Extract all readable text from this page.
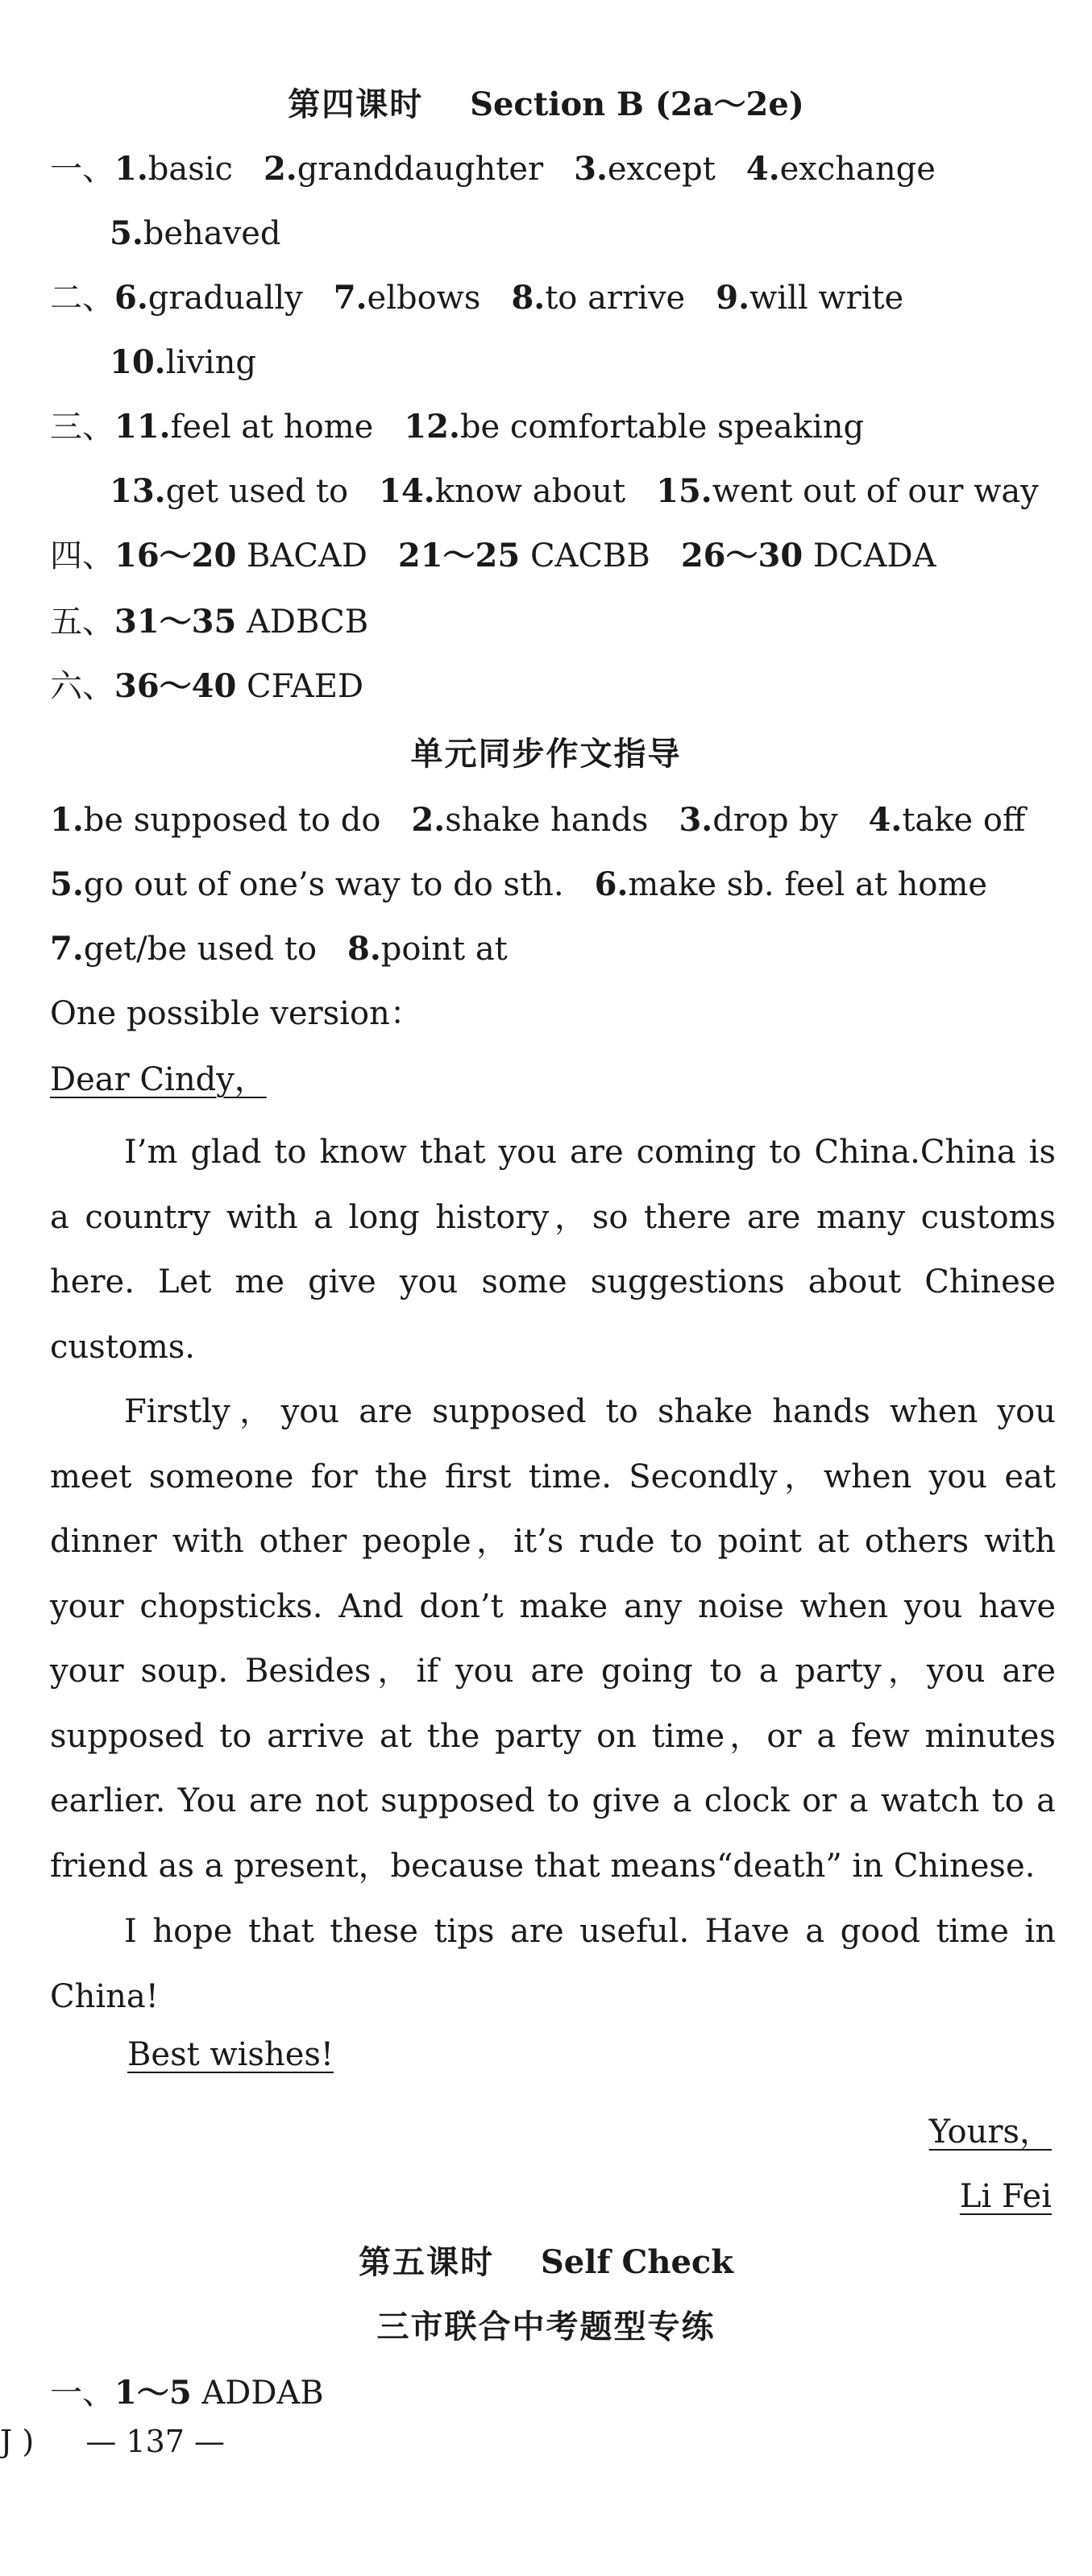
第四课时 Section B (2a～2e)
一、1.basic 2.granddaughter 3.except 4.exchange
5.behaved
二、6.gradually 7.elbows 8.to arrive 9.will write
10.living
三、11.feel at home 12.be comfortable speaking
13.get used to 14.know about 15.went out of our way
四、16～20 BACAD 21～25 CACBB 26～30 DCADA
五、31～35 ADBCB
六、36～40 CFAED
单元同步作文指导
1.be supposed to do 2.shake hands 3.drop by 4.take off
5.go out of one’s way to do sth. 6.make sb. feel at home
7.get/be used to 8.point at
One possible version：
Dear Cindy，
I’m glad to know that you are coming to China.China is a country with a long history，so there are many customs here. Let me give you some suggestions about Chinese customs.
Firstly，you are supposed to shake hands when you meet someone for the first time. Secondly，when you eat dinner with other people，it’s rude to point at others with your chopsticks. And don’t make any noise when you have your soup. Besides，if you are going to a party，you are supposed to arrive at the party on time，or a few minutes earlier. You are not supposed to give a clock or a watch to a friend as a present，because that means“death” in Chinese.
I hope that these tips are useful. Have a good time in China!
Best wishes!
Yours，
Li Fei
第五课时 Self Check
三市联合中考题型专练
一、1～5 ADDAB
J ) — 137 —
